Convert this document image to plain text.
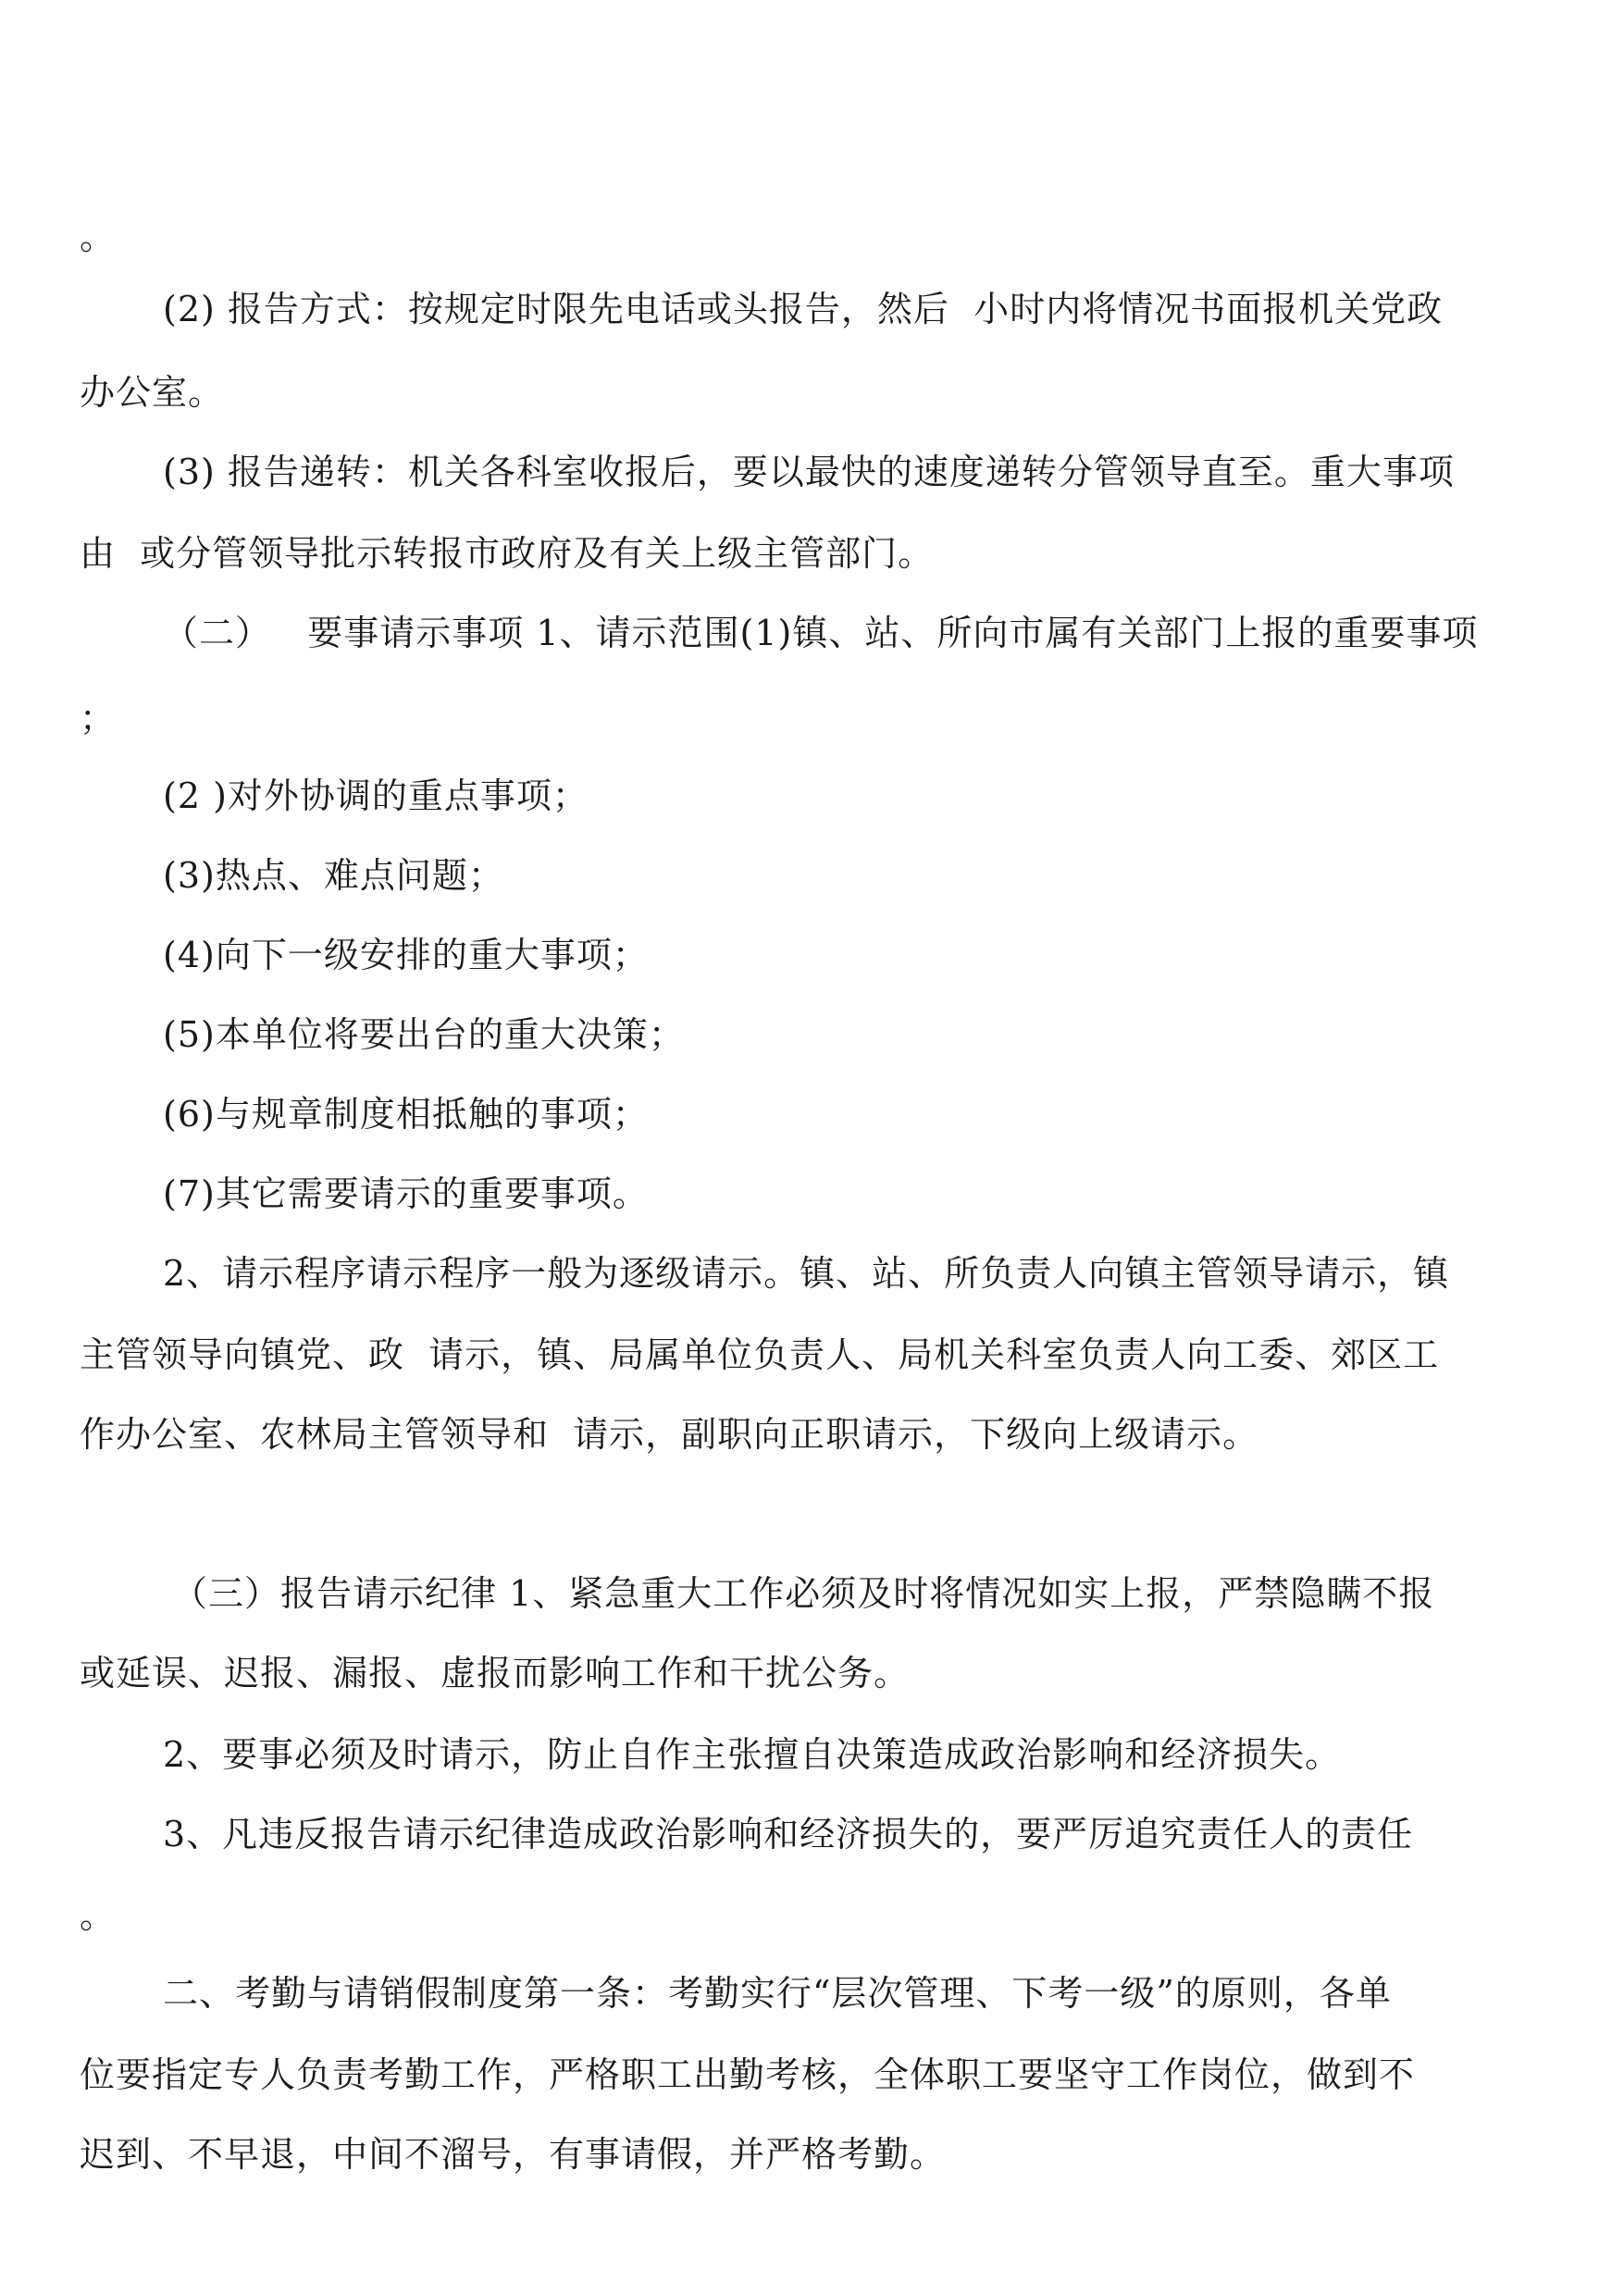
。
(2) 报告方式：按规定时限先电话或头报告，然后  小时内将情况书面报机关党政
办公室。
(3) 报告递转：机关各科室收报后，要以最快的速度递转分管领导直至。重大事项
由  或分管领导批示转报市政府及有关上级主管部门。
（二）   要事请示事项 1、请示范围(1)镇、站、所向市属有关部门上报的重要事项
；
(2 )对外协调的重点事项；
(3)热点、难点问题；
(4)向下一级安排的重大事项；
(5)本单位将要出台的重大决策；
(6)与规章制度相抵触的事项；
(7)其它需要请示的重要事项。
2、请示程序请示程序一般为逐级请示。镇、站、所负责人向镇主管领导请示，镇
主管领导向镇党、政  请示，镇、局属单位负责人、局机关科室负责人向工委、郊区工
作办公室、农林局主管领导和  请示，副职向正职请示，下级向上级请示。
（三）报告请示纪律 1、紧急重大工作必须及时将情况如实上报，严禁隐瞒不报
或延误、迟报、漏报、虚报而影响工作和干扰公务。
2、要事必须及时请示，防止自作主张擅自决策造成政治影响和经济损失。
3、凡违反报告请示纪律造成政治影响和经济损失的，要严厉追究责任人的责任
。
二、考勤与请销假制度第一条：考勤实行“层次管理、下考一级”的原则，各单
位要指定专人负责考勤工作，严格职工出勤考核，全体职工要坚守工作岗位，做到不
迟到、不早退，中间不溜号，有事请假，并严格考勤。
